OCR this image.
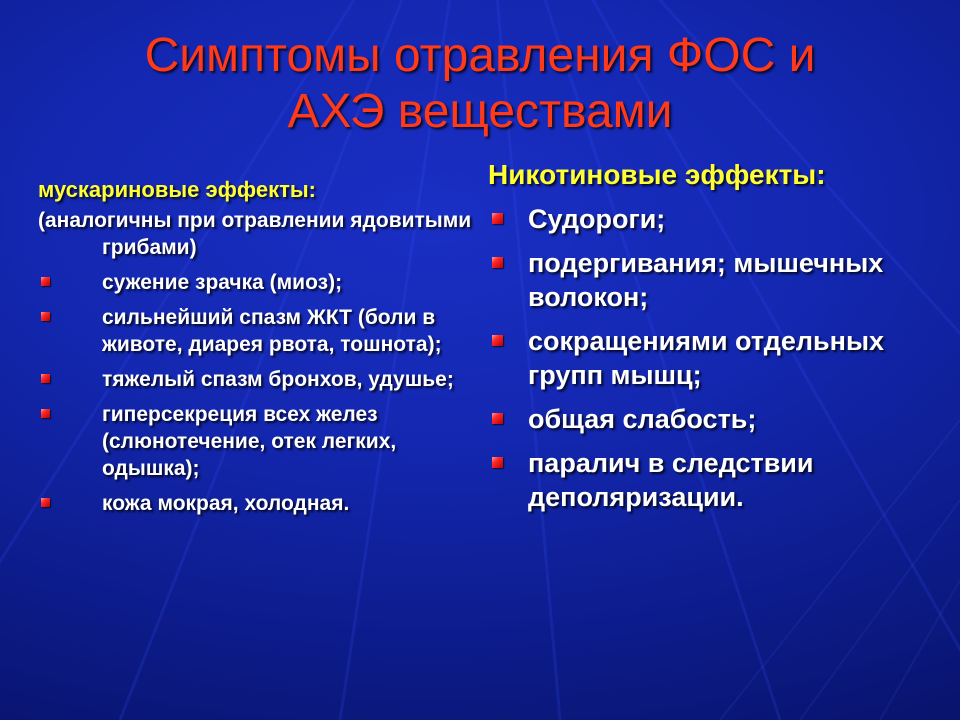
Симптомы отравления ФОС и
АХЭ веществами
мускариновые эффекты:
(аналогичны при отравлении ядовитыми грибами)
сужение зрачка (миоз);
сильнейший спазм ЖКТ (боли в животе, диарея рвота, тошнота);
тяжелый спазм бронхов, удушье;
гиперсекреция всех желез (слюнотечение, отек легких, одышка);
кожа мокрая, холодная.
Никотиновые эффекты:
Судороги;
подергивания; мышечных волокон;
сокращениями отдельных групп мышц;
общая слабость;
паралич в следствии деполяризации.
